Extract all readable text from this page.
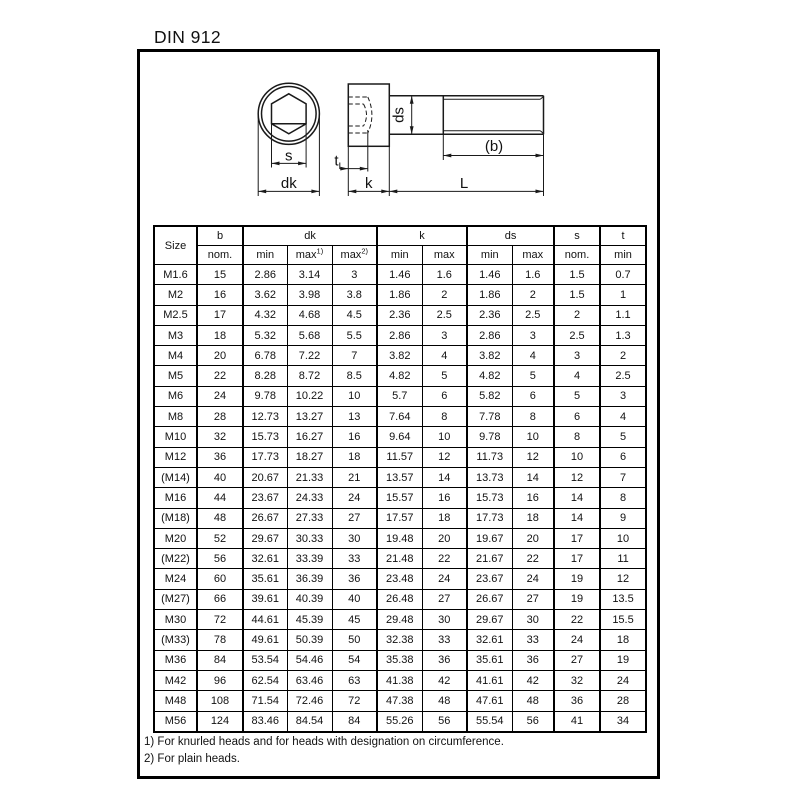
DIN 912
s
dk
t
k	L
(b)
ds
Size	b	dk			k		ds		s	t
	nom.	min	$\max^{1)}$	$\max^{2)}$	min	max	min	max	nom.	min
M1.6	15	2.86	3.14	3	1.46	1.6	1.46	1.6	1.5	0.7
M2	16	3.62	3.98	3.8	1.86	2	1.86	2	1.5	1
M2.5	17	4.32	4.68	4.5	2.36	2.5	2.36	2.5	2	1.1
M3	18	5.32	5.68	5.5	2.86	3	2.86	3	2.5	1.3
M4	20	6.78	7.22	7	3.82	4	3.82	4	3	2
M5	22	8.28	8.72	8.5	4.82	5	4.82	5	4	2.5
M6	24	9.78	10.22	10	5.7	6	5.82	6	5	3
M8	28	12.73	13.27	13	7.64	8	7.78	8	6	4
M10	32	15.73	16.27	16	9.64	10	9.78	10	8	5
M12	36	17.73	18.27	18	11.57	12	11.73	12	10	6
(M14)	40	20.67	21.33	21	13.57	14	13.73	14	12	7
M16	44	23.67	24.33	24	15.57	16	15.73	16	14	8
(M18)	48	26.67	27.33	27	17.57	18	17.73	18	14	9
M20	52	29.67	30.33	30	19.48	20	19.67	20	17	10
(M22)	56	32.61	33.39	33	21.48	22	21.67	22	17	11
M24	60	35.61	36.39	36	23.48	24	23.67	24	19	12
(M27)	66	39.61	40.39	40	26.48	27	26.67	27	19	13.5
M30	72	44.61	45.39	45	29.48	30	29.67	30	22	15.5
(M33)	78	49.61	50.39	50	32.38	33	32.61	33	24	18
M36	84	53.54	54.46	54	35.38	36	35.61	36	27	19
M42	96	62.54	63.46	63	41.38	42	41.61	42	32	24
M48	108	71.54	72.46	72	47.38	48	47.61	48	36	28
M56	124	83.46	84.54	84	55.26	56	55.54	56	41	34
1) For knurled heads and for heads with designation on circumference.
2) For plain heads.
